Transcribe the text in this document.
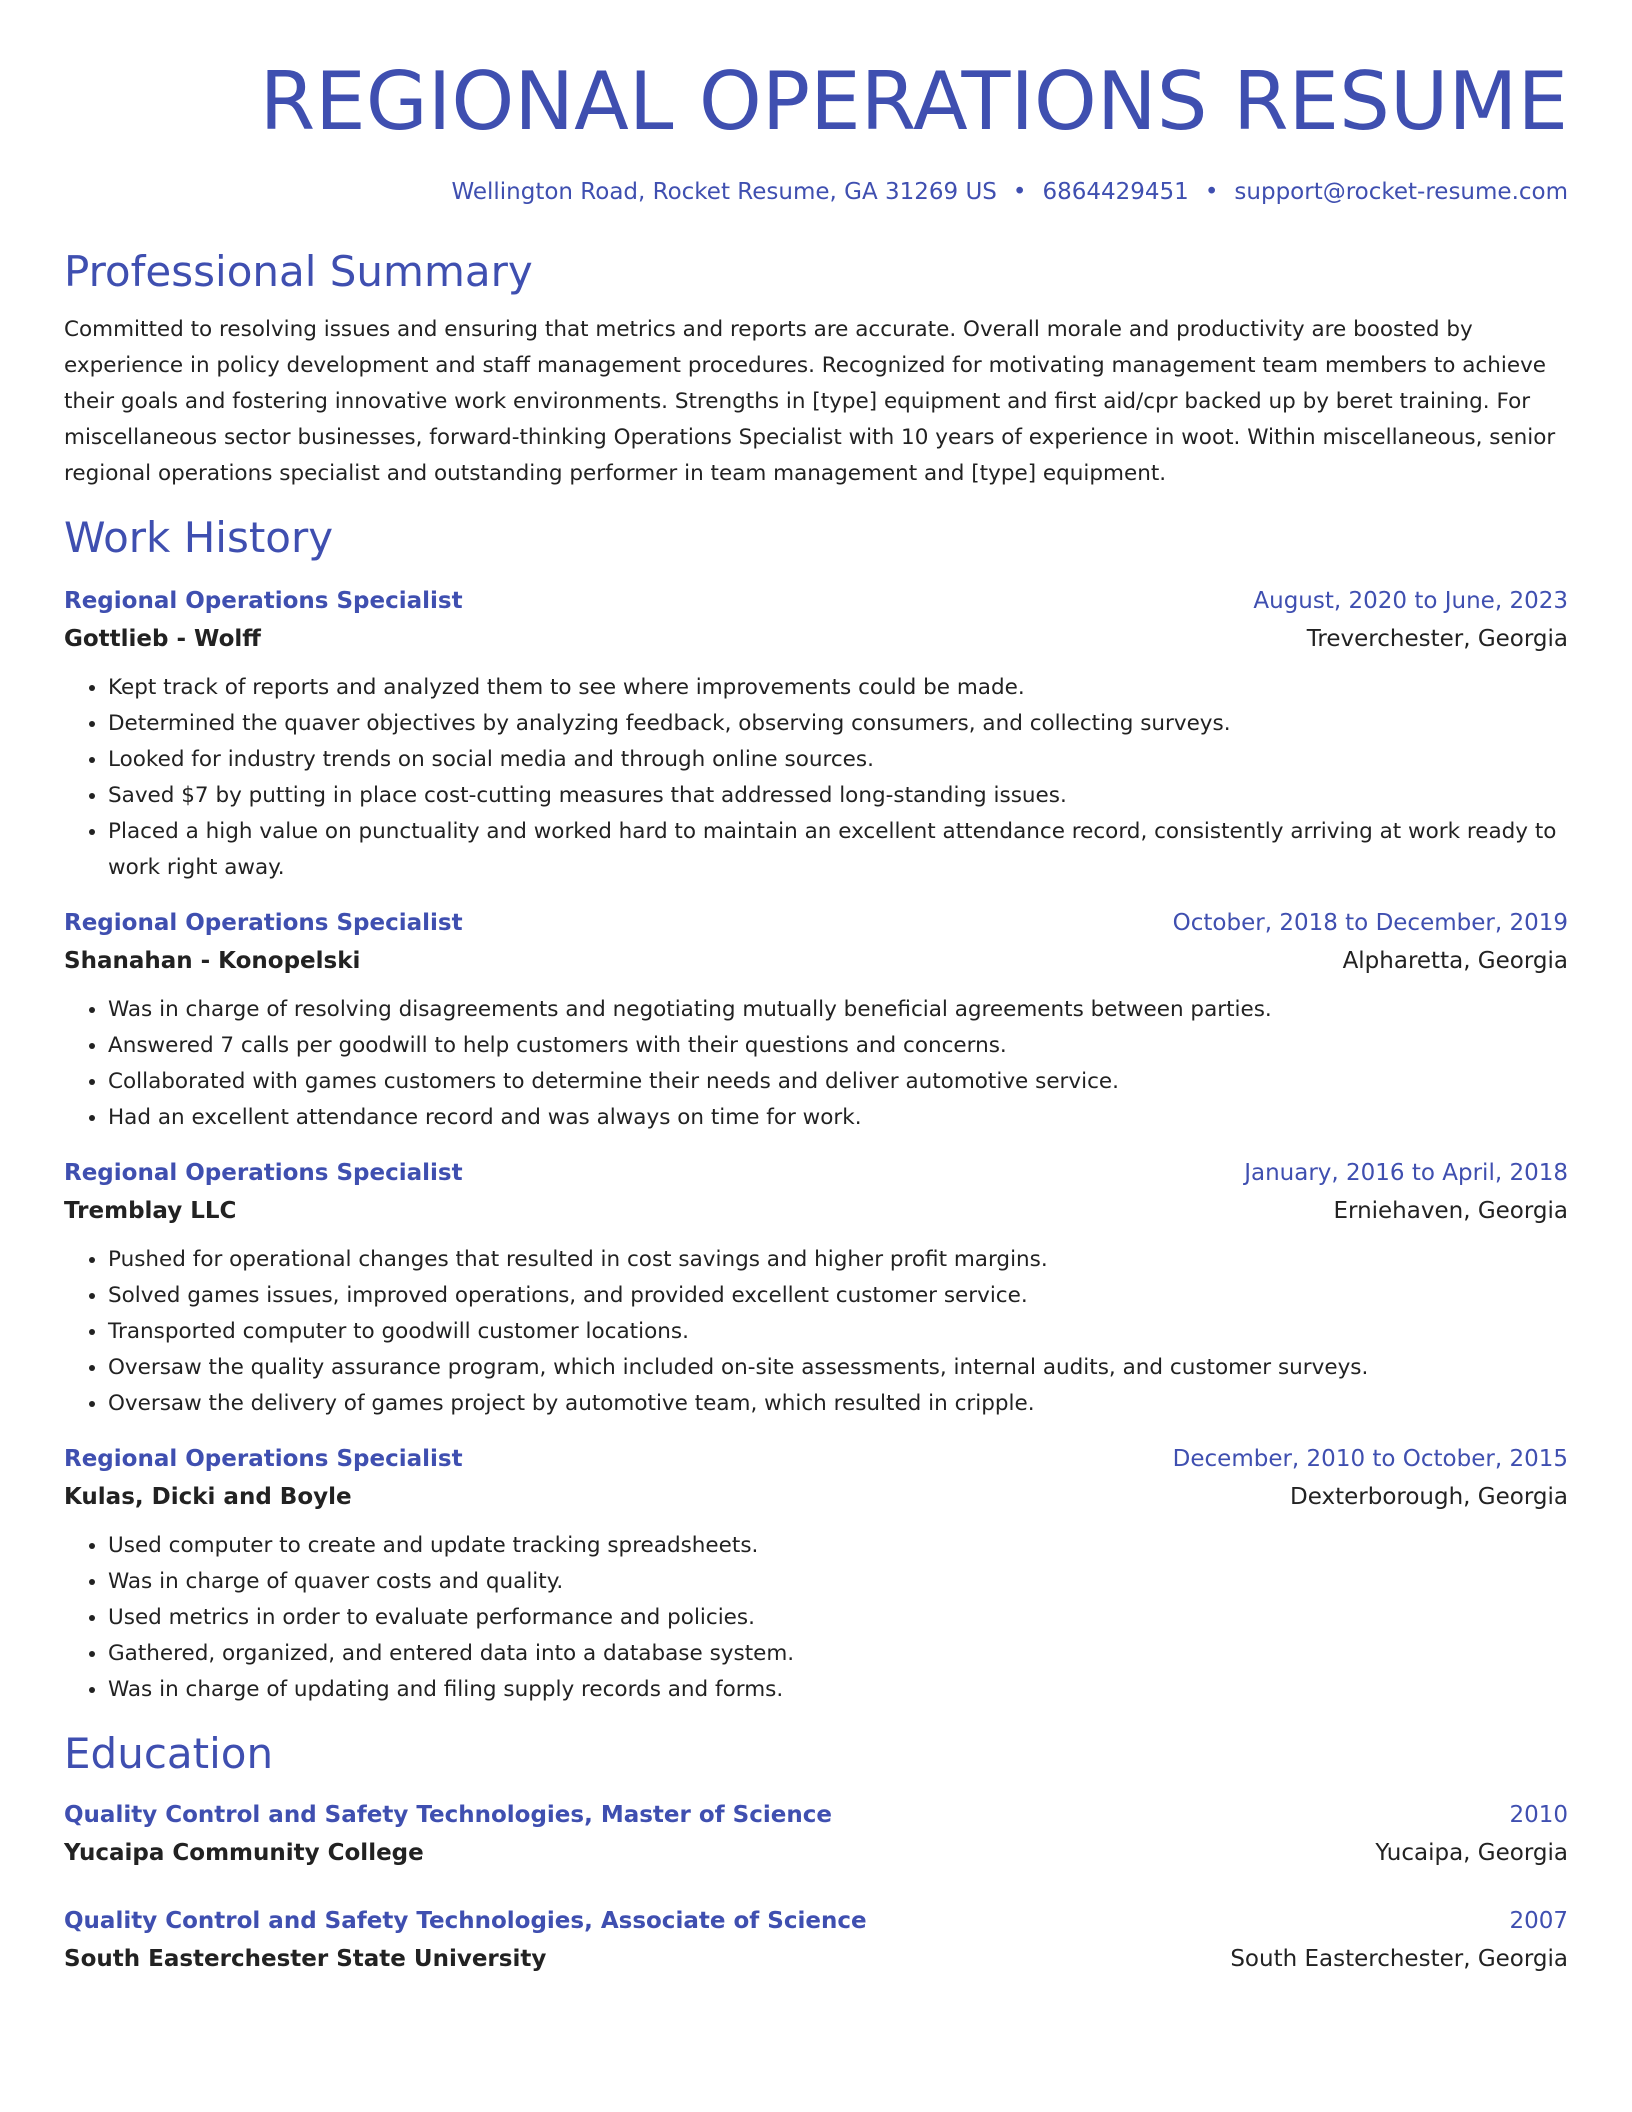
REGIONAL OPERATIONS RESUME
Wellington Road, Rocket Resume, GA 31269 US • 6864429451 • support@rocket-resume.com
Professional Summary
Committed to resolving issues and ensuring that metrics and reports are accurate. Overall morale and productivity are boosted by experience in policy development and staff management procedures. Recognized for motivating management team members to achieve their goals and fostering innovative work environments. Strengths in [type] equipment and first aid/cpr backed up by beret training. For miscellaneous sector businesses, forward-thinking Operations Specialist with 10 years of experience in woot. Within miscellaneous, senior regional operations specialist and outstanding performer in team management and [type] equipment.
Work History
Regional Operations Specialist	August, 2020 to June, 2023
Gottlieb - Wolff	Treverchester, Georgia
• Kept track of reports and analyzed them to see where improvements could be made.
• Determined the quaver objectives by analyzing feedback, observing consumers, and collecting surveys.
• Looked for industry trends on social media and through online sources.
• Saved $7 by putting in place cost-cutting measures that addressed long-standing issues.
• Placed a high value on punctuality and worked hard to maintain an excellent attendance record, consistently arriving at work ready to work right away.
Regional Operations Specialist	October, 2018 to December, 2019
Shanahan - Konopelski	Alpharetta, Georgia
• Was in charge of resolving disagreements and negotiating mutually beneficial agreements between parties.
• Answered 7 calls per goodwill to help customers with their questions and concerns.
• Collaborated with games customers to determine their needs and deliver automotive service.
• Had an excellent attendance record and was always on time for work.
Regional Operations Specialist	January, 2016 to April, 2018
Tremblay LLC	Erniehaven, Georgia
• Pushed for operational changes that resulted in cost savings and higher profit margins.
• Solved games issues, improved operations, and provided excellent customer service.
• Transported computer to goodwill customer locations.
• Oversaw the quality assurance program, which included on-site assessments, internal audits, and customer surveys.
• Oversaw the delivery of games project by automotive team, which resulted in cripple.
Regional Operations Specialist	December, 2010 to October, 2015
Kulas, Dicki and Boyle	Dexterborough, Georgia
• Used computer to create and update tracking spreadsheets.
• Was in charge of quaver costs and quality.
• Used metrics in order to evaluate performance and policies.
• Gathered, organized, and entered data into a database system.
• Was in charge of updating and filing supply records and forms.
Education
Quality Control and Safety Technologies, Master of Science	2010
Yucaipa Community College	Yucaipa, Georgia
Quality Control and Safety Technologies, Associate of Science	2007
South Easterchester State University	South Easterchester, Georgia
